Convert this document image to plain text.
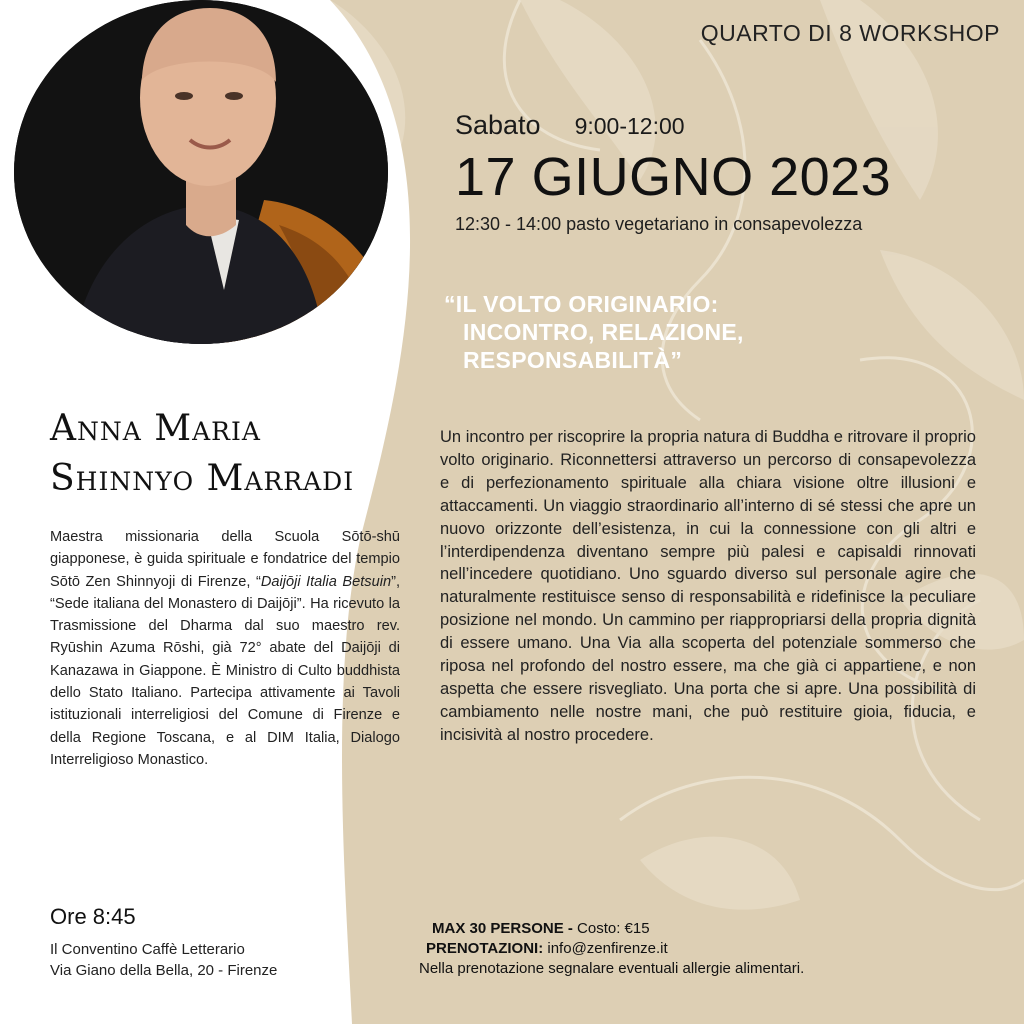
QUARTO DI 8 WORKSHOP
Sabato 9:00-12:00
17 GIUGNO 2023
12:30 - 14:00 pasto vegetariano in consapevolezza
“IL VOLTO ORIGINARIO:
INCONTRO, RELAZIONE,
RESPONSABILITÀ”
Un incontro per riscoprire la propria natura di Buddha e ritrovare il proprio volto originario. Riconnettersi attraverso un percorso di consapevolezza e di perfezionamento spirituale alla chiara visione oltre illusioni e attaccamenti. Un viaggio straordinario all’interno di sé stessi che apre un nuovo orizzonte dell’esistenza, in cui la connessione con gli altri e l’interdipendenza diventano sempre più palesi e capisaldi rinnovati nell’incedere quotidiano. Uno sguardo diverso sul personale agire che naturalmente restituisce senso di responsabilità e ridefinisce la peculiare posizione nel mondo. Un cammino per riappropriarsi della propria dignità di essere umano. Una Via alla scoperta del potenziale sommerso che riposa nel profondo del nostro essere, ma che già ci appartiene, e non aspetta che essere risvegliato. Una porta che si apre. Una possibilità di cambiamento nelle nostre mani, che può restituire gioia, fiducia, e incisività al nostro procedere.
Anna Maria
Shinnyo Marradi
Maestra missionaria della Scuola Sōtō-shū giapponese, è guida spirituale e fondatrice del tempio Sōtō Zen Shinnyoji di Firenze, “Daijōji Italia Betsuin”, “Sede italiana del Monastero di Daijōji”. Ha ricevuto la Trasmissione del Dharma dal suo maestro rev. Ryūshin Azuma Rōshi, già 72° abate del Daijōji di Kanazawa in Giappone. È Ministro di Culto buddhista dello Stato Italiano. Partecipa attivamente ai Tavoli istituzionali interreligiosi del Comune di Firenze e della Regione Toscana, e al DIM Italia, Dialogo Interreligioso Monastico.
Ore 8:45
Il Conventino Caffè Letterario
Via Giano della Bella, 20 - Firenze
MAX 30 PERSONE - Costo: €15
PRENOTAZIONI: info@zenfirenze.it
Nella prenotazione segnalare eventuali allergie alimentari.
